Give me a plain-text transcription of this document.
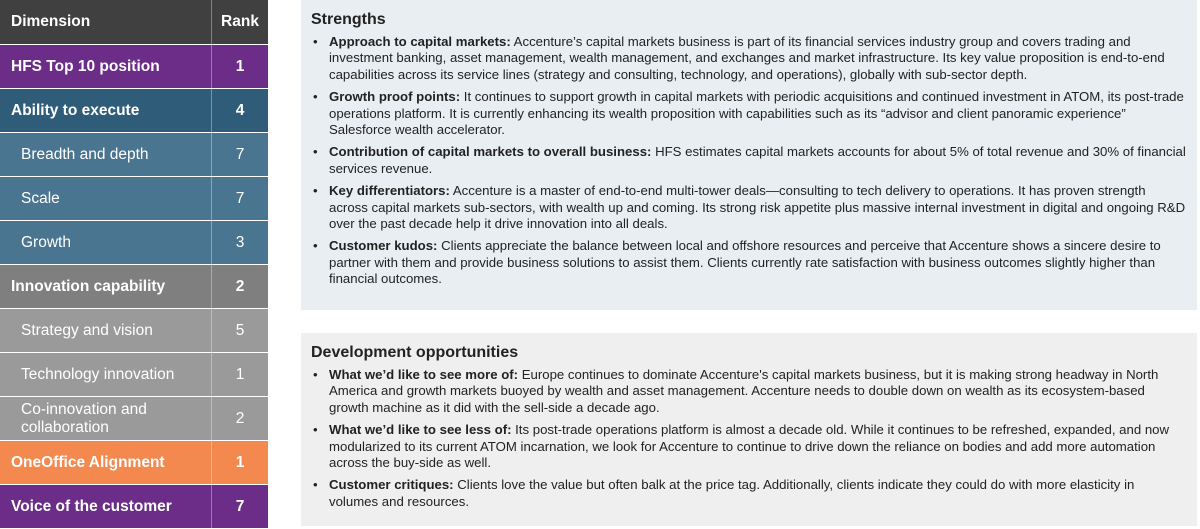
Dimension	Rank
HFS Top 10 position	1
Ability to execute	4
Breadth and depth	7
Scale	7
Growth	3
Innovation capability	2
Strategy and vision	5
Technology innovation	1
Co-innovation and collaboration	2
OneOffice Alignment	1
Voice of the customer	7
Strengths
• Approach to capital markets: Accenture’s capital markets business is part of its financial services industry group and covers trading and investment banking, asset management, wealth management, and exchanges and market infrastructure. Its key value proposition is end-to-end capabilities across its service lines (strategy and consulting, technology, and operations), globally with sub-sector depth.
• Growth proof points: It continues to support growth in capital markets with periodic acquisitions and continued investment in ATOM, its post-trade operations platform. It is currently enhancing its wealth proposition with capabilities such as its “advisor and client panoramic experience” Salesforce wealth accelerator.
• Contribution of capital markets to overall business: HFS estimates capital markets accounts for about 5% of total revenue and 30% of financial services revenue.
• Key differentiators: Accenture is a master of end-to-end multi-tower deals—consulting to tech delivery to operations. It has proven strength across capital markets sub-sectors, with wealth up and coming. Its strong risk appetite plus massive internal investment in digital and ongoing R&D over the past decade help it drive innovation into all deals.
• Customer kudos: Clients appreciate the balance between local and offshore resources and perceive that Accenture shows a sincere desire to partner with them and provide business solutions to assist them. Clients currently rate satisfaction with business outcomes slightly higher than financial outcomes.
Development opportunities
• What we’d like to see more of: Europe continues to dominate Accenture's capital markets business, but it is making strong headway in North America and growth markets buoyed by wealth and asset management. Accenture needs to double down on wealth as its ecosystem-based growth machine as it did with the sell-side a decade ago.
• What we’d like to see less of: Its post-trade operations platform is almost a decade old. While it continues to be refreshed, expanded, and now modularized to its current ATOM incarnation, we look for Accenture to continue to drive down the reliance on bodies and add more automation across the buy-side as well.
• Customer critiques: Clients love the value but often balk at the price tag. Additionally, clients indicate they could do with more elasticity in volumes and resources.
